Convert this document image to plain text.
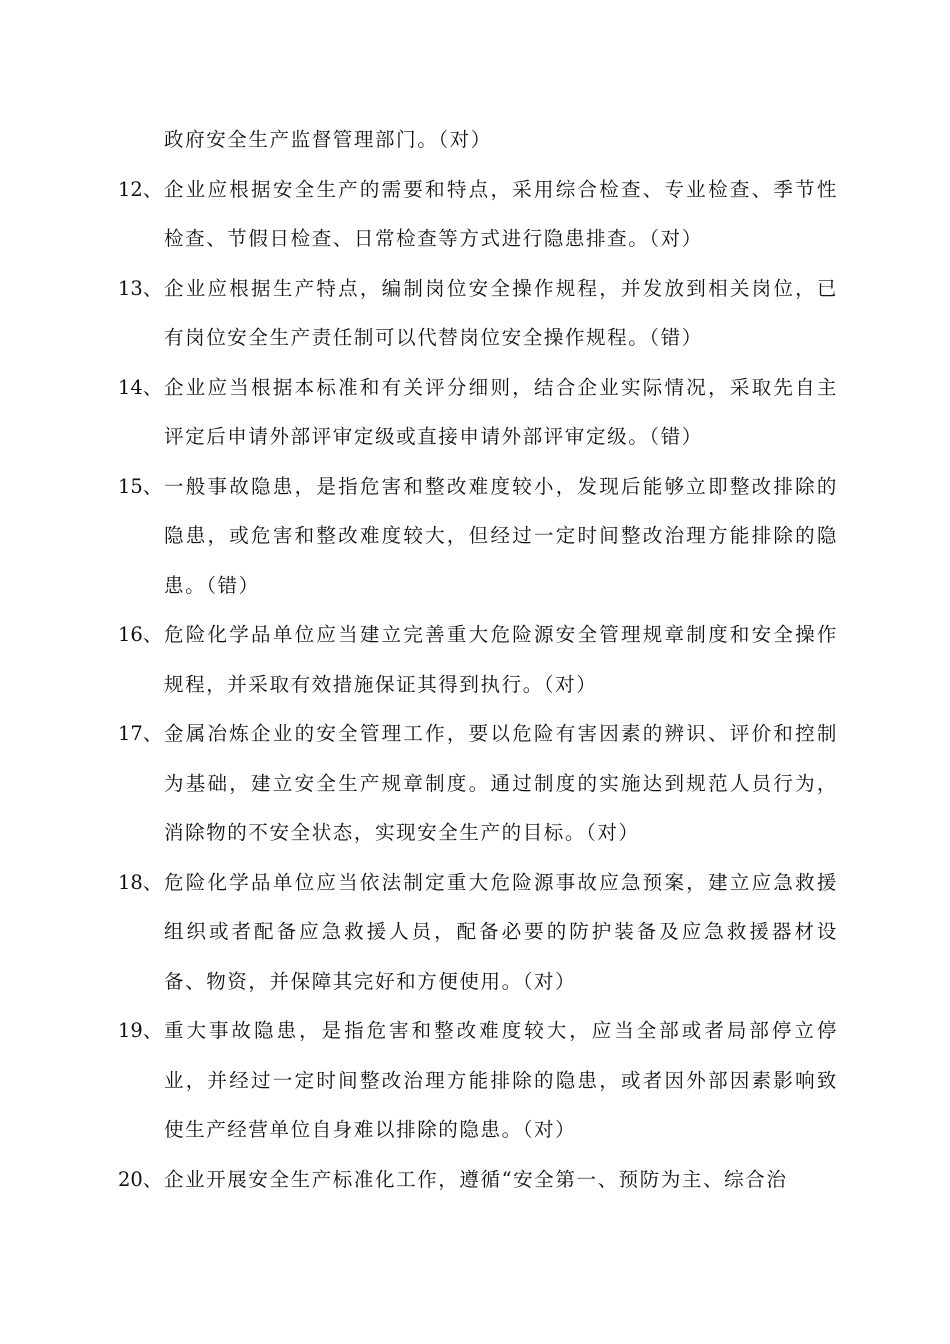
政府安全生产监督管理部门。（对）
12、 企业应根据安全生产的需要和特点，采用综合检查、专业检查、季节性检查、节假日检查、日常检查等方式进行隐患排查。（对）
13、 企业应根据生产特点，编制岗位安全操作规程，并发放到相关岗位，已有岗位安全生产责任制可以代替岗位安全操作规程。（错）
14、 企业应当根据本标准和有关评分细则，结合企业实际情况，采取先自主评定后申请外部评审定级或直接申请外部评审定级。（错）
15、 一般事故隐患，是指危害和整改难度较小，发现后能够立即整改排除的隐患，或危害和整改难度较大，但经过一定时间整改治理方能排除的隐患。（错）
16、 危险化学品单位应当建立完善重大危险源安全管理规章制度和安全操作规程，并采取有效措施保证其得到执行。（对）
17、 金属冶炼企业的安全管理工作，要以危险有害因素的辨识、评价和控制为基础，建立安全生产规章制度。通过制度的实施达到规范人员行为，消除物的不安全状态，实现安全生产的目标。（对）
18、 危险化学品单位应当依法制定重大危险源事故应急预案，建立应急救援组织或者配备应急救援人员，配备必要的防护装备及应急救援器材设备、物资，并保障其完好和方便使用。（对）
19、 重大事故隐患，是指危害和整改难度较大，应当全部或者局部停立停业，并经过一定时间整改治理方能排除的隐患，或者因外部因素影响致使生产经营单位自身难以排除的隐患。（对）
20、 企业开展安全生产标准化工作，遵循“安全第一、预防为主、综合治
